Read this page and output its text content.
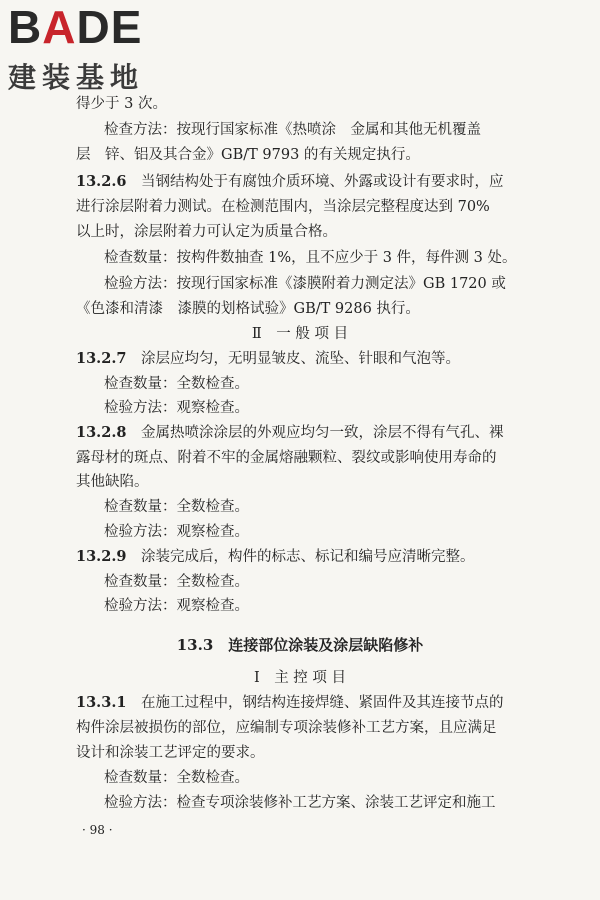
BADE
建装基地
得少于 3 次。
检查方法：按现行国家标准《热喷涂　金属和其他无机覆盖
层　锌、铝及其合金》GB/T 9793 的有关规定执行。
13.2.6　 当钢结构处于有腐蚀介质环境、外露或设计有要求时，应
进行涂层附着力测试。在检测范围内，当涂层完整程度达到 70%
以上时，涂层附着力可认定为质量合格。
检查数量：按构件数抽查 1%，且不应少于 3 件，每件测 3 处。
检验方法：按现行国家标准《漆膜附着力测定法》GB 1720 或
《色漆和清漆　漆膜的划格试验》GB/T 9286 执行。
Ⅱ　一 般 项 目
13.2.7　 涂层应均匀，无明显皱皮、流坠、针眼和气泡等。
检查数量：全数检查。
检验方法：观察检查。
13.2.8　 金属热喷涂涂层的外观应均匀一致，涂层不得有气孔、裸
露母材的斑点、附着不牢的金属熔融颗粒、裂纹或影响使用寿命的
其他缺陷。
检查数量：全数检查。
检验方法：观察检查。
13.2.9　 涂装完成后，构件的标志、标记和编号应清晰完整。
检查数量：全数检查。
检验方法：观察检查。
13.3　连接部位涂装及涂层缺陷修补
Ⅰ　主 控 项 目
13.3.1　 在施工过程中，钢结构连接焊缝、紧固件及其连接节点的
构件涂层被损伤的部位，应编制专项涂装修补工艺方案，且应满足
设计和涂装工艺评定的要求。
检查数量：全数检查。
检验方法：检查专项涂装修补工艺方案、涂装工艺评定和施工
· 98 ·
